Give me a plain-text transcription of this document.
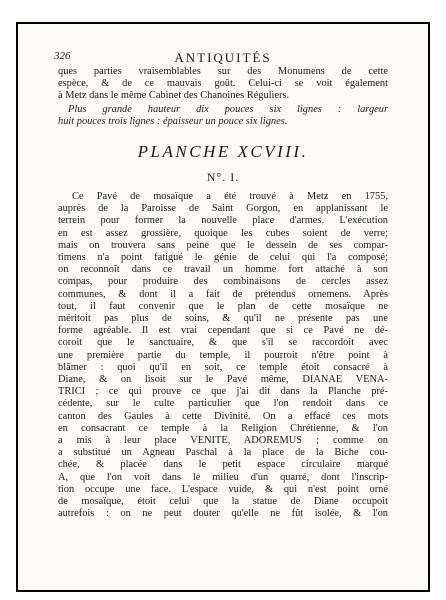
326	ANTIQUITÉS

ques parties vraisemblables sur des Monumens de cette

espèce, & de ce mauvais goût. Celui-ci se voit également

à Metz dans le même Cabinet des Chanoines Réguliers.

Plus grande hauteur dix pouces six lignes : largeur

huit pouces trois lignes : épaisseur un pouce six lignes.

PLANCHE XCVIII.
N°. I.

Ce Pavé de mosaïque a été trouvé à Metz en 1755,

auprès de la Paroisse de Saint Gorgon, en applanissant le

terrein pour former la nouvelle place d'armes. L'exécution

en est assez grossière, quoique les cubes soient de verre;

mais on trouvera sans peine que le dessein de ses compar-

timens n'a point fatigué le génie de celui qui l'a composé;

on reconnoît dans ce travail un homme fort attaché à son

compas, pour produire des combinaisons de cercles assez

communes, & dont il a fait de prétendus ornemens. Après

tout, il faut convenir que le plan de cette mosaïque ne

méritoit pas plus de soins, & qu'il ne présente pas une

forme agréable. Il est vrai cependant que si ce Pavé ne dé-

coroit que le sanctuaire, & que s'il se raccordoit avec

une première partie du temple, il pourroit n'être point à

blâmer : quoi qu'il en soit, ce temple étoit consacré à

Diane, & on lisoit sur le Pavé même, DIANAE VENA-

TRICI ; ce qui prouve ce que j'ai dit dans la Planche pré-

cédente, sur le culte particulier que l'on rendoit dans ce

canton des Gaules à cette Divinité. On a effacé ces mots

en consacrant ce temple à la Religion Chrétienne, & l'on

a mis à leur place VENITE, ADOREMUS ; comme on

a substitué un Agneau Paschal à la place de la Biche cou-

chée, & placée dans le petit espace circulaire marqué

A, que l'on voit dans le milieu d'un quarré, dont l'inscrip-

tion occupe une face. L'espace vuide, & qui n'est point orné

de mosaïque, étoit celui que la statue de Diane occupoit

autrefois : on ne peut douter qu'elle ne fût isolée, & l'on
